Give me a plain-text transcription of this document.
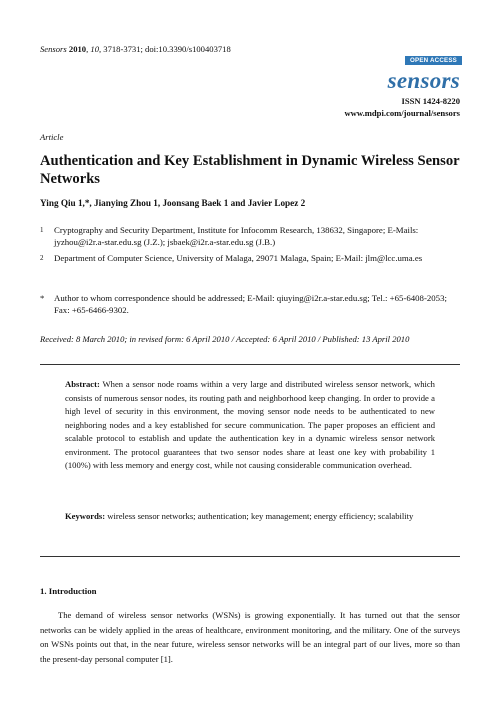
Sensors 2010, 10, 3718-3731; doi:10.3390/s100403718
OPEN ACCESS
sensors
ISSN 1424-8220
www.mdpi.com/journal/sensors
Article
Authentication and Key Establishment in Dynamic Wireless Sensor Networks
Ying Qiu 1,*, Jianying Zhou 1, Joonsang Baek 1 and Javier Lopez 2
1 Cryptography and Security Department, Institute for Infocomm Research, 138632, Singapore; E-Mails: jyzhou@i2r.a-star.edu.sg (J.Z.); jsbaek@i2r.a-star.edu.sg (J.B.)
2 Department of Computer Science, University of Malaga, 29071 Malaga, Spain; E-Mail: jlm@lcc.uma.es
* Author to whom correspondence should be addressed; E-Mail: qiuying@i2r.a-star.edu.sg; Tel.: +65-6408-2053; Fax: +65-6466-9302.
Received: 8 March 2010; in revised form: 6 April 2010 / Accepted: 6 April 2010 / Published: 13 April 2010
Abstract: When a sensor node roams within a very large and distributed wireless sensor network, which consists of numerous sensor nodes, its routing path and neighborhood keep changing. In order to provide a high level of security in this environment, the moving sensor node needs to be authenticated to new neighboring nodes and a key established for secure communication. The paper proposes an efficient and scalable protocol to establish and update the authentication key in a dynamic wireless sensor network environment. The protocol guarantees that two sensor nodes share at least one key with probability 1 (100%) with less memory and energy cost, while not causing considerable communication overhead.
Keywords: wireless sensor networks; authentication; key management; energy efficiency; scalability
1. Introduction
The demand of wireless sensor networks (WSNs) is growing exponentially. It has turned out that the sensor networks can be widely applied in the areas of healthcare, environment monitoring, and the military. One of the surveys on WSNs points out that, in the near future, wireless sensor networks will be an integral part of our lives, more so than the present-day personal computer [1].
